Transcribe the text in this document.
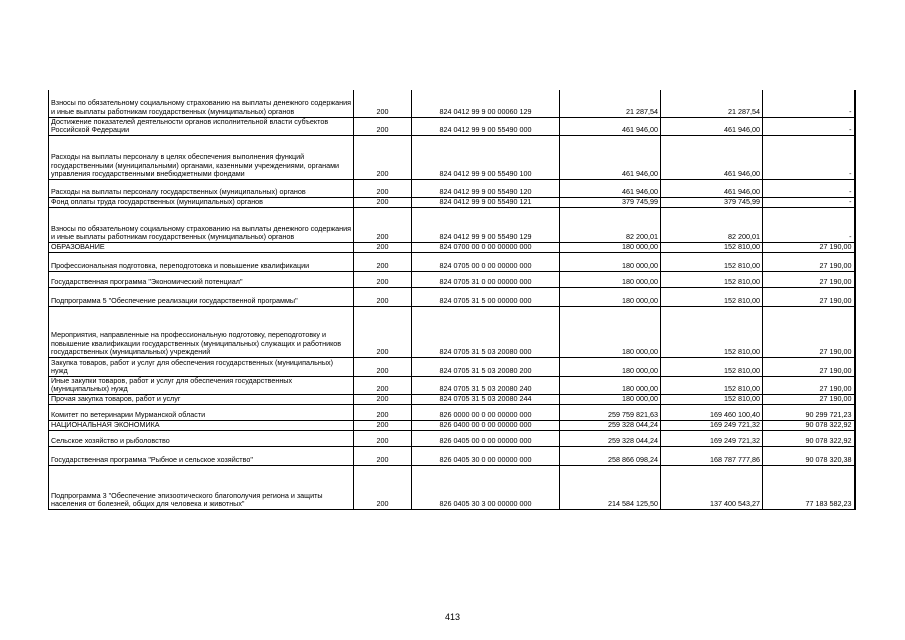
Взносы по обязательному социальному страхованию на выплаты денежного содержания и иные выплаты работникам государственных (муниципальных) органов	200	824 0412 99 9 00 00060 129	21 287,54	21 287,54	-
Достижение показателей деятельности органов исполнительной власти субъектов Российской Федерации	200	824 0412 99 9 00 55490 000	461 946,00	461 946,00	-
Расходы на выплаты персоналу в целях обеспечения выполнения функций государственными (муниципальными) органами, казенными учреждениями, органами управления государственными внебюджетными фондами	200	824 0412 99 9 00 55490 100	461 946,00	461 946,00	-
Расходы на выплаты персоналу государственных (муниципальных) органов	200	824 0412 99 9 00 55490 120	461 946,00	461 946,00	-
Фонд оплаты труда государственных (муниципальных) органов	200	824 0412 99 9 00 55490 121	379 745,99	379 745,99	-
Взносы по обязательному социальному страхованию на выплаты денежного содержания и иные выплаты работникам государственных (муниципальных) органов	200	824 0412 99 9 00 55490 129	82 200,01	82 200,01	-
ОБРАЗОВАНИЕ	200	824 0700 00 0 00 00000 000	180 000,00	152 810,00	27 190,00
Профессиональная подготовка, переподготовка и повышение квалификации	200	824 0705 00 0 00 00000 000	180 000,00	152 810,00	27 190,00
Государственная программа "Экономический потенциал"	200	824 0705 31 0 00 00000 000	180 000,00	152 810,00	27 190,00
Подпрограмма 5 "Обеспечение реализации государственной программы"	200	824 0705 31 5 00 00000 000	180 000,00	152 810,00	27 190,00
Мероприятия, направленные на профессиональную подготовку, переподготовку и повышение квалификации государственных (муниципальных) служащих и работников государственных (муниципальных) учреждений	200	824 0705 31 5 03 20080 000	180 000,00	152 810,00	27 190,00
Закупка товаров, работ и услуг для обеспечения государственных (муниципальных) нужд	200	824 0705 31 5 03 20080 200	180 000,00	152 810,00	27 190,00
Иные закупки товаров, работ и услуг для обеспечения государственных (муниципальных) нужд	200	824 0705 31 5 03 20080 240	180 000,00	152 810,00	27 190,00
Прочая закупка товаров, работ и услуг	200	824 0705 31 5 03 20080 244	180 000,00	152 810,00	27 190,00
Комитет по ветеринарии Мурманской области	200	826 0000 00 0 00 00000 000	259 759 821,63	169 460 100,40	90 299 721,23
НАЦИОНАЛЬНАЯ ЭКОНОМИКА	200	826 0400 00 0 00 00000 000	259 328 044,24	169 249 721,32	90 078 322,92
Сельское хозяйство и рыболовство	200	826 0405 00 0 00 00000 000	259 328 044,24	169 249 721,32	90 078 322,92
Государственная программа "Рыбное и сельское хозяйство"	200	826 0405 30 0 00 00000 000	258 866 098,24	168 787 777,86	90 078 320,38
Подпрограмма 3 "Обеспечение эпизоотического благополучия региона и защиты населения от болезней, общих для человека и животных"	200	826 0405 30 3 00 00000 000	214 584 125,50	137 400 543,27	77 183 582,23
413
